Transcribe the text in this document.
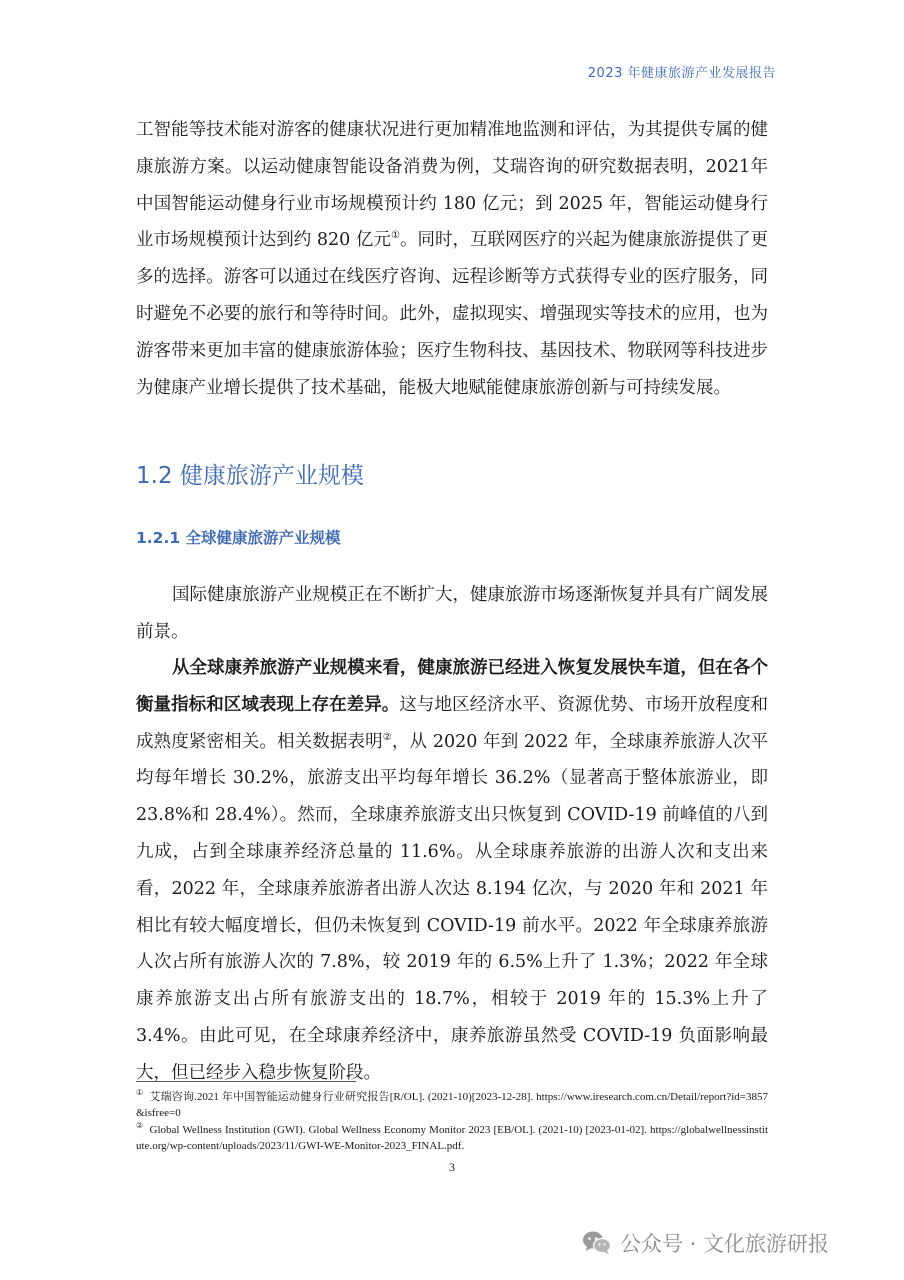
2023 年健康旅游产业发展报告

工智能等技术能对游客的健康状况进行更加精准地监测和评估，为其提供专属的健康旅游方案。以运动健康智能设备消费为例，艾瑞咨询的研究数据表明，2021年中国智能运动健身行业市场规模预计约 180 亿元；到 2025 年，智能运动健身行业市场规模预计达到约 820 亿元①。同时，互联网医疗的兴起为健康旅游提供了更多的选择。游客可以通过在线医疗咨询、远程诊断等方式获得专业的医疗服务，同时避免不必要的旅行和等待时间。此外，虚拟现实、增强现实等技术的应用，也为游客带来更加丰富的健康旅游体验；医疗生物科技、基因技术、物联网等科技进步为健康产业增长提供了技术基础，能极大地赋能健康旅游创新与可持续发展。

1.2 健康旅游产业规模
1.2.1 全球健康旅游产业规模

国际健康旅游产业规模正在不断扩大，健康旅游市场逐渐恢复并具有广阔发展前景。

从全球康养旅游产业规模来看，健康旅游已经进入恢复发展快车道，但在各个衡量指标和区域表现上存在差异。这与地区经济水平、资源优势、市场开放程度和成熟度紧密相关。相关数据表明②，从 2020 年到 2022 年，全球康养旅游人次平均每年增长 30.2%，旅游支出平均每年增长 36.2%（显著高于整体旅游业，即 23.8%和 28.4%）。然而，全球康养旅游支出只恢复到 COVID-19 前峰值的八到九成，占到全球康养经济总量的 11.6%。从全球康养旅游的出游人次和支出来看，2022 年，全球康养旅游者出游人次达 8.194 亿次，与 2020 年和 2021 年相比有较大幅度增长，但仍未恢复到 COVID-19 前水平。2022 年全球康养旅游人次占所有旅游人次的 7.8%，较 2019 年的 6.5%上升了 1.3%；2022 年全球康养旅游支出占所有旅游支出的 18.7%，相较于 2019 年的 15.3%上升了 3.4%。由此可见，在全球康养经济中，康养旅游虽然受 COVID-19 负面影响最大，但已经步入稳步恢复阶段。

① 艾瑞咨询.2021 年中国智能运动健身行业研究报告[R/OL]. (2021-10)[2023-12-28]. https://www.iresearch.com.cn/Detail/report?id=3857&isfree=0

② Global Wellness Institution (GWI). Global Wellness Economy Monitor 2023 [EB/OL]. (2021-10) [2023-01-02]. https://globalwellnessinstitute.org/wp-content/uploads/2023/11/GWI-WE-Monitor-2023_FINAL.pdf.

3
公众号 · 文化旅游研报
